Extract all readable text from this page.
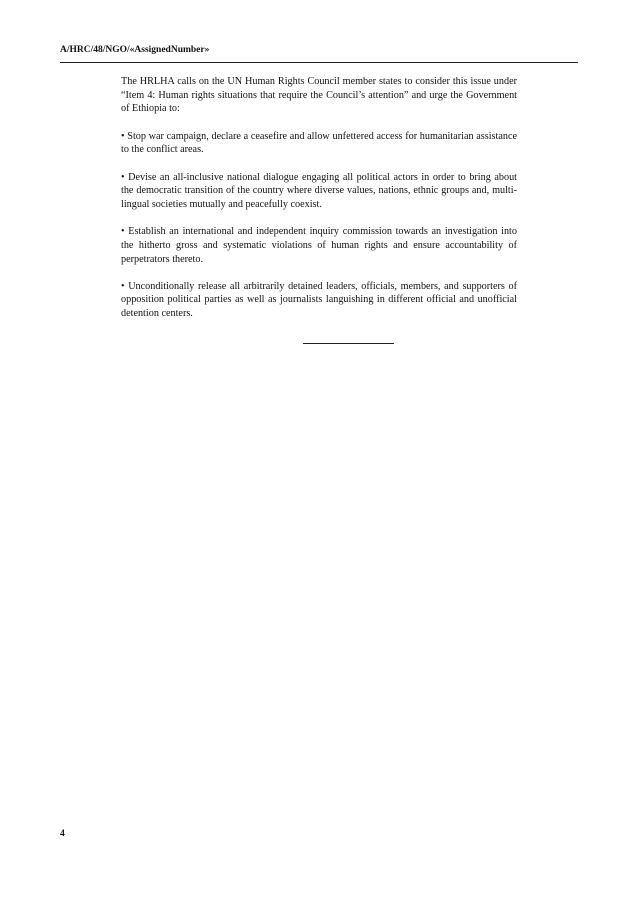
A/HRC/48/NGO/«AssignedNumber»

The HRLHA calls on the UN Human Rights Council member states to consider this issue under “Item 4: Human rights situations that require the Council’s attention” and urge the Government of Ethiopia to:

• Stop war campaign, declare a ceasefire and allow unfettered access for humanitarian assistance to the conflict areas.

• Devise an all-inclusive national dialogue engaging all political actors in order to bring about the democratic transition of the country where diverse values, nations, ethnic groups and, multi-lingual societies mutually and peacefully coexist.

• Establish an international and independent inquiry commission towards an investigation into the hitherto gross and systematic violations of human rights and ensure accountability of perpetrators thereto.

• Unconditionally release all arbitrarily detained leaders, officials, members, and supporters of opposition political parties as well as journalists languishing in different official and unofficial detention centers.

4
